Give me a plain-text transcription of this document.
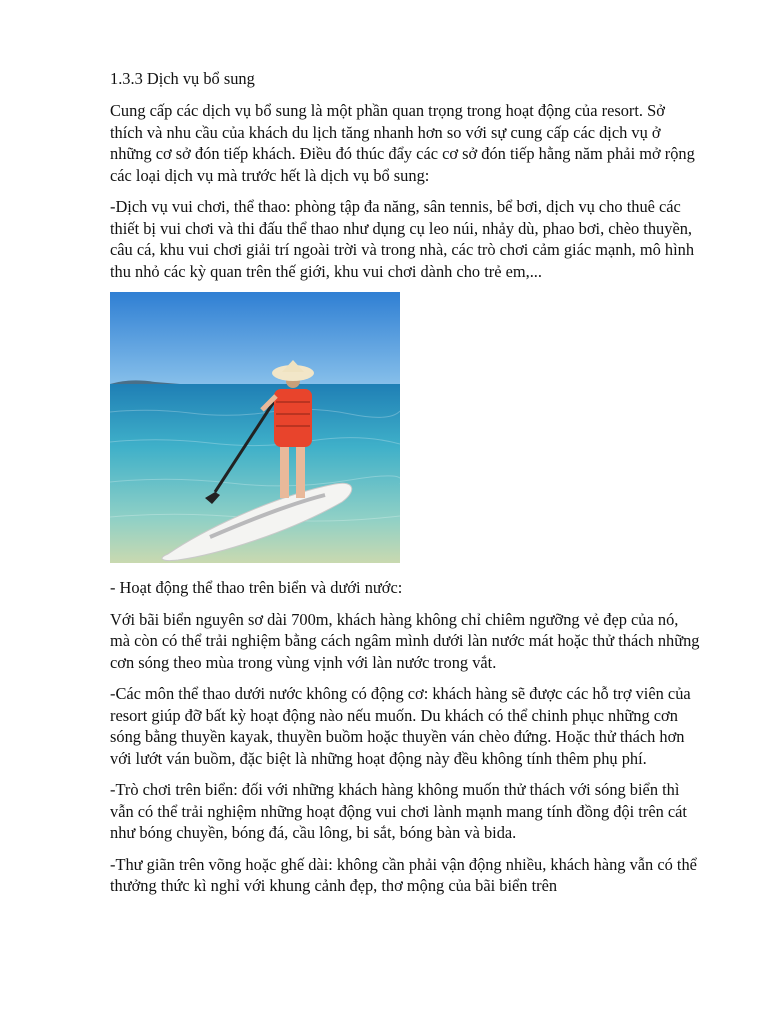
1.3.3 Dịch vụ bổ sung

Cung cấp các dịch vụ bổ sung là một phần quan trọng trong hoạt động của resort. Sở thích và nhu cầu của khách du lịch tăng nhanh hơn so với sự cung cấp các dịch vụ ở những cơ sở đón tiếp khách. Điều đó thúc đẩy các cơ sở đón tiếp hằng năm phải mở rộng các loại dịch vụ mà trước hết là dịch vụ bổ sung:

-Dịch vụ vui chơi, thể thao: phòng tập đa năng, sân tennis, bể bơi, dịch vụ cho thuê các thiết bị vui chơi và thi đấu thể thao như dụng cụ leo núi, nhảy dù, phao bơi, chèo thuyền, câu cá, khu vui chơi giải trí ngoài trời và trong nhà, các trò chơi cảm giác mạnh, mô hình thu nhỏ các kỳ quan trên thế giới, khu vui chơi dành cho trẻ em,...

- Hoạt động thể thao trên biển và dưới nước:

Với bãi biển nguyên sơ dài 700m, khách hàng không chỉ chiêm ngưỡng vẻ đẹp của nó, mà còn có thể trải nghiệm bằng cách ngâm mình dưới làn nước mát hoặc thử thách những cơn sóng theo mùa trong vùng vịnh với làn nước trong vắt.

-Các môn thể thao dưới nước không có động cơ: khách hàng sẽ được các hỗ trợ viên của resort giúp đỡ bất kỳ hoạt động nào nếu muốn. Du khách có thể chinh phục những cơn sóng bằng thuyền kayak, thuyền buồm hoặc thuyền ván chèo đứng. Hoặc thử thách hơn với lướt ván buồm, đặc biệt là những hoạt động này đều không tính thêm phụ phí.

-Trò chơi trên biển: đối với những khách hàng không muốn thử thách với sóng biển thì vẫn có thể trải nghiệm những hoạt động vui chơi lành mạnh mang tính đồng đội trên cát như bóng chuyền, bóng đá, cầu lông, bi sắt, bóng bàn và bida.

-Thư giãn trên võng hoặc ghế dài: không cần phải vận động nhiều, khách hàng vẫn có thể thưởng thức kì nghỉ với khung cảnh đẹp, thơ mộng của bãi biển trên
